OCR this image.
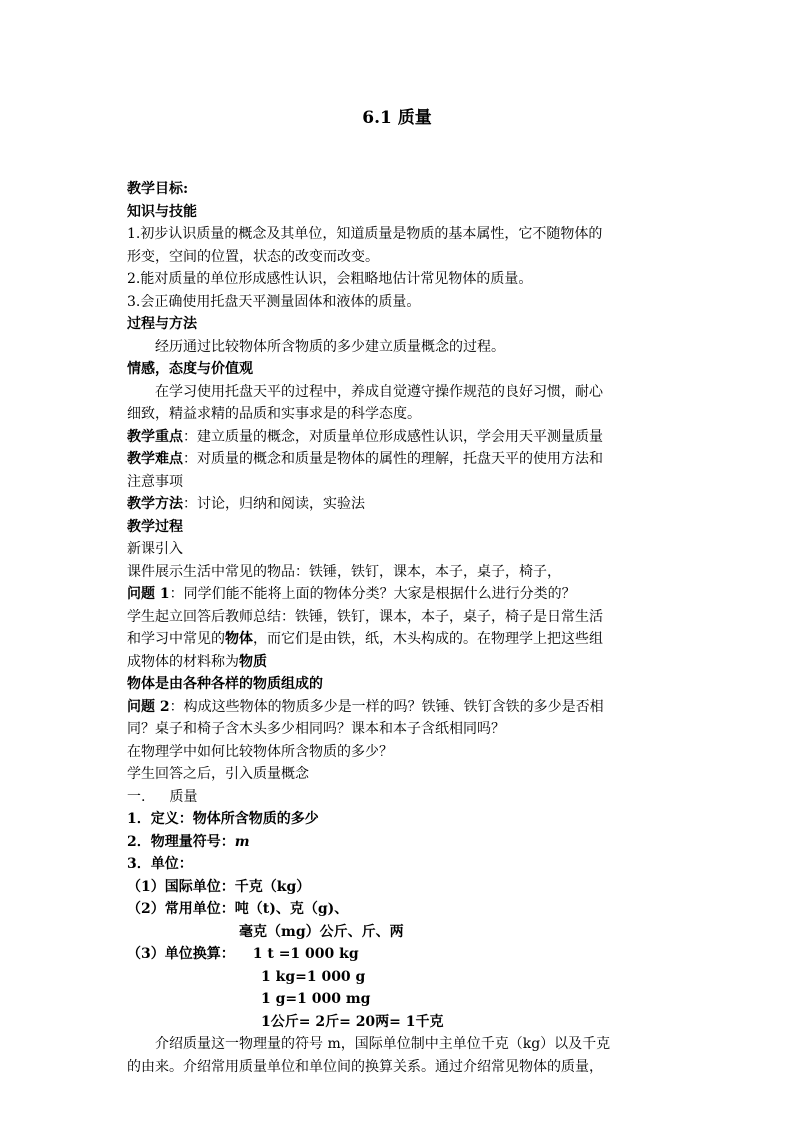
6.1 质量
教学目标:
知识与技能
1.初步认识质量的概念及其单位，知道质量是物质的基本属性，它不随物体的
形变，空间的位置，状态的改变而改变。
2.能对质量的单位形成感性认识，会粗略地估计常见物体的质量。
3.会正确使用托盘天平测量固体和液体的质量。
过程与方法
经历通过比较物体所含物质的多少建立质量概念的过程。
情感，态度与价值观
在学习使用托盘天平的过程中，养成自觉遵守操作规范的良好习惯，耐心
细致，精益求精的品质和实事求是的科学态度。
教学重点：建立质量的概念，对质量单位形成感性认识，学会用天平测量质量
教学难点：对质量的概念和质量是物体的属性的理解，托盘天平的使用方法和
注意事项
教学方法：讨论，归纳和阅读，实验法
教学过程
新课引入
课件展示生活中常见的物品：铁锤，铁钉，课本，本子，桌子，椅子，
问题 1：同学们能不能将上面的物体分类？大家是根据什么进行分类的？
学生起立回答后教师总结：铁锤，铁钉，课本，本子，桌子，椅子是日常生活
和学习中常见的物体，而它们是由铁，纸，木头构成的。在物理学上把这些组
成物体的材料称为物质
物体是由各种各样的物质组成的
问题 2：构成这些物体的物质多少是一样的吗？铁锤、铁钉含铁的多少是否相
同？桌子和椅子含木头多少相同吗？课本和本子含纸相同吗？
在物理学中如何比较物体所含物质的多少？
学生回答之后，引入质量概念
一. 质量
1．定义：物体所含物质的多少
2．物理量符号：m
3．单位：
（1）国际单位：千克（kg）
（2）常用单位：吨（t)、克（g)、
毫克（mg）公斤、斤、两
（3）单位换算： 1 t =1 000 kg
1 kg=1 000 g
1 g=1 000 mg
1公斤= 2斤= 20两= 1千克
介绍质量这一物理量的符号 m，国际单位制中主单位千克（kg）以及千克
的由来。介绍常用质量单位和单位间的换算关系。通过介绍常见物体的质量，
